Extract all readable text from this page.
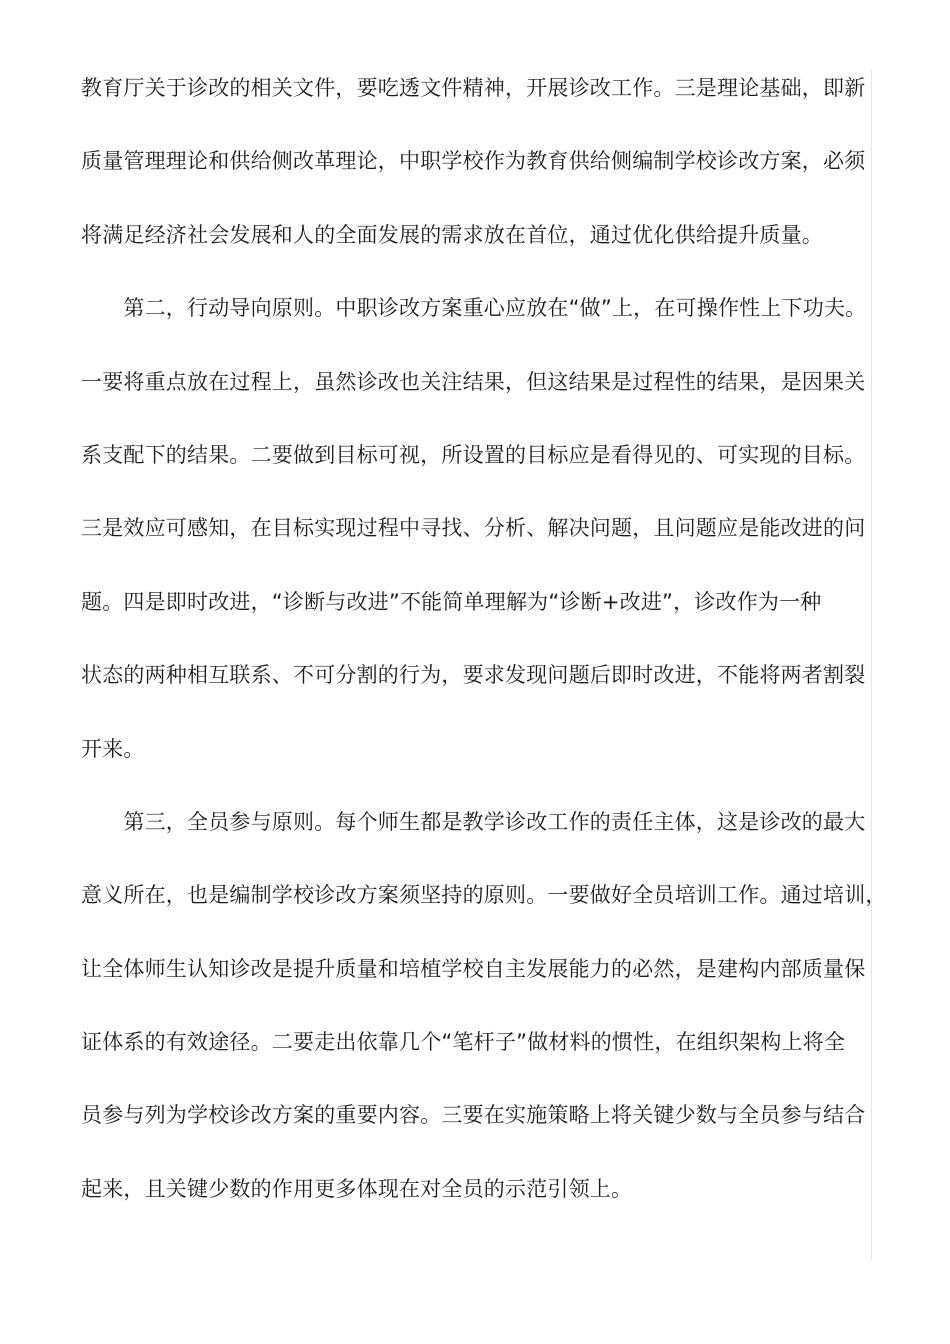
教育厅关于诊改的相关文件，要吃透文件精神，开展诊改工作。三是理论基础，即新
质量管理理论和供给侧改革理论，中职学校作为教育供给侧编制学校诊改方案，必须
将满足经济社会发展和人的全面发展的需求放在首位，通过优化供给提升质量。
　　第二，行动导向原则。中职诊改方案重心应放在“做”上，在可操作性上下功夫。
一要将重点放在过程上，虽然诊改也关注结果，但这结果是过程性的结果，是因果关
系支配下的结果。二要做到目标可视，所设置的目标应是看得见的、可实现的目标。
三是效应可感知，在目标实现过程中寻找、分析、解决问题，且问题应是能改进的问
题。四是即时改进，“诊断与改进”不能简单理解为“诊断+改进”，诊改作为一种
状态的两种相互联系、不可分割的行为，要求发现问题后即时改进，不能将两者割裂
开来。
　　第三，全员参与原则。每个师生都是教学诊改工作的责任主体，这是诊改的最大
意义所在，也是编制学校诊改方案须坚持的原则。一要做好全员培训工作。通过培训，
让全体师生认知诊改是提升质量和培植学校自主发展能力的必然，是建构内部质量保
证体系的有效途径。二要走出依靠几个“笔杆子”做材料的惯性，在组织架构上将全
员参与列为学校诊改方案的重要内容。三要在实施策略上将关键少数与全员参与结合
起来，且关键少数的作用更多体现在对全员的示范引领上。
